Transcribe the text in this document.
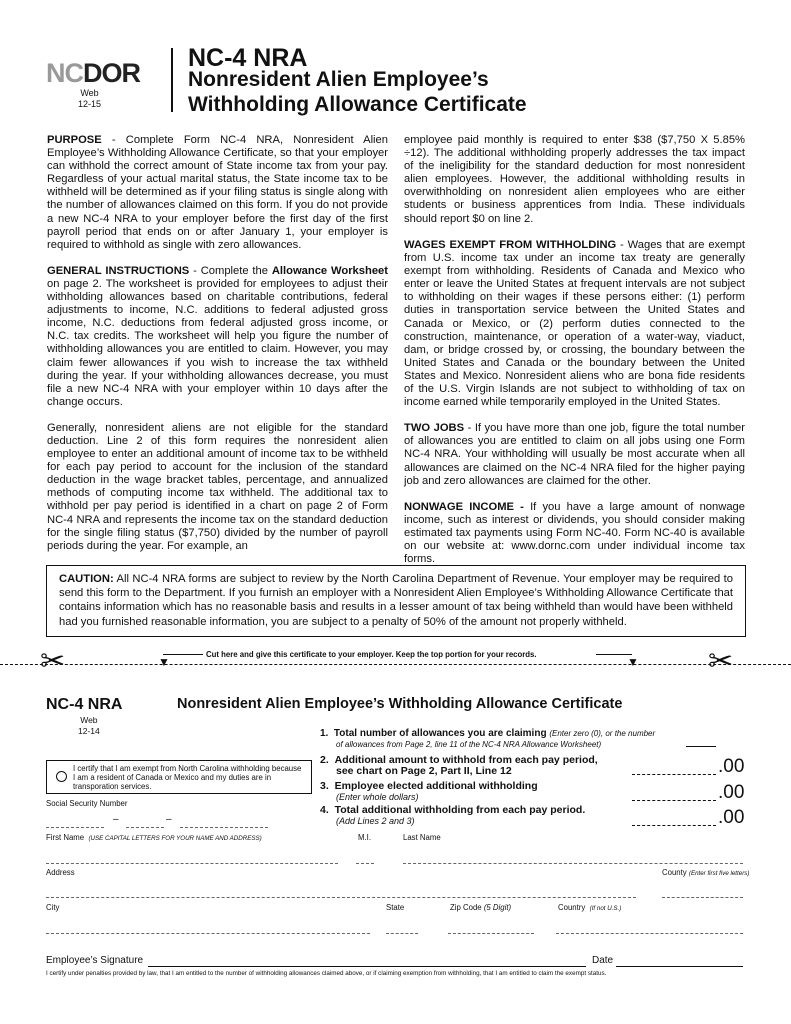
NCDOR
Web
12-15
NC-4 NRA
Nonresident Alien Employee’s
Withholding Allowance Certificate

PURPOSE - Complete Form NC-4 NRA, Nonresident Alien Employee’s Withholding Allowance Certificate, so that your employer can withhold the correct amount of State income tax from your pay. Regardless of your actual marital status, the State income tax to be withheld will be determined as if your filing status is single along with the number of allowances claimed on this form. If you do not provide a new NC-4 NRA to your employer before the first day of the first payroll period that ends on or after January 1, your employer is required to withhold as single with zero allowances.

GENERAL INSTRUCTIONS - Complete the Allowance Worksheet on page 2. The worksheet is provided for employees to adjust their withholding allowances based on charitable contributions, federal adjustments to income, N.C. additions to federal adjusted gross income, N.C. deductions from federal adjusted gross income, or N.C. tax credits. The worksheet will help you figure the number of withholding allowances you are entitled to claim. However, you may claim fewer allowances if you wish to increase the tax withheld during the year. If your withholding allowances decrease, you must file a new NC-4 NRA with your employer within 10 days after the change occurs.

Generally, nonresident aliens are not eligible for the standard deduction. Line 2 of this form requires the nonresident alien employee to enter an additional amount of income tax to be withheld for each pay period to account for the inclusion of the standard deduction in the wage bracket tables, percentage, and annualized methods of computing income tax withheld. The additional tax to withhold per pay period is identified in a chart on page 2 of Form NC-4 NRA and represents the income tax on the standard deduction for the single filing status ($7,750) divided by the number of payroll periods during the year. For example, an

WAGES EXEMPT FROM WITHHOLDING - Wages that are exempt from U.S. income tax under an income tax treaty are generally exempt from withholding. Residents of Canada and Mexico who enter or leave the United States at frequent intervals are not subject to withholding on their wages if these persons either: (1) perform duties in transportation service between the United States and Canada or Mexico, or (2) perform duties connected to the construction, maintenance, or operation of a water-way, viaduct, dam, or bridge crossed by, or crossing, the boundary between the United States and Canada or the boundary between the United States and Mexico. Nonresident aliens who are bona fide residents of the U.S. Virgin Islands are not subject to withholding of tax on income earned while temporarily employed in the United States.

TWO JOBS - If you have more than one job, figure the total number of allowances you are entitled to claim on all jobs using one Form NC-4 NRA. Your withholding will usually be most accurate when all allowances are claimed on the NC-4 NRA filed for the higher paying job and zero allowances are claimed for the other.

NONWAGE INCOME - If you have a large amount of nonwage income, such as interest or dividends, you should consider making estimated tax payments using Form NC-40. Form NC-40 is available on our website at: www.dornc.com under individual income tax forms.

employee paid monthly is required to enter $38 ($7,750 X 5.85% ÷12). The additional withholding properly addresses the tax impact of the ineligibility for the standard deduction for most nonresident alien employees. However, the additional withholding results in overwithholding on nonresident alien employees who are either students or business apprentices from India. These individuals should report $0 on line 2.

CAUTION: All NC-4 NRA forms are subject to review by the North Carolina Department of Revenue. Your employer may be required to send this form to the Department. If you furnish an employer with a Nonresident Alien Employee’s Withholding Allowance Certificate that contains information which has no reasonable basis and results in a lesser amount of tax being withheld than would have been withheld had you furnished reasonable information, you are subject to a penalty of 50% of the amount not properly withheld.
✂	✂
▼	▼
Cut here and give this certificate to your employer. Keep the top portion for your records.
NC-4 NRA
Web
12-14
Nonresident Alien Employee’s Withholding Allowance Certificate
1. Total number of allowances you are claiming (Enter zero (0), or the number
of allowances from Page 2, line 11 of the NC-4 NRA Allowance Worksheet)
2. Additional amount to withhold from each pay period,
see chart on Page 2, Part II, Line 12	.00
3. Employee elected additional withholding
(Enter whole dollars)	.00
4. Total additional withholding from each pay period.
(Add Lines 2 and 3)	.00
I certify that I am exempt from North Carolina withholding because I am a resident of Canada or Mexico and my duties are in transporation services.
Social Security Number
–	–
First Name (USE CAPITAL LETTERS FOR YOUR NAME AND ADDRESS)	M.I.	Last Name
Address	County (Enter first five letters)
City	State	Zip Code (5 Digit)	Country (If not U.S.)
Employee’s Signature	Date
I certify under penalties provided by law, that I am entitled to the number of withholding allowances claimed above, or if claiming exemption from withholding, that I am entitled to claim the exempt status.
